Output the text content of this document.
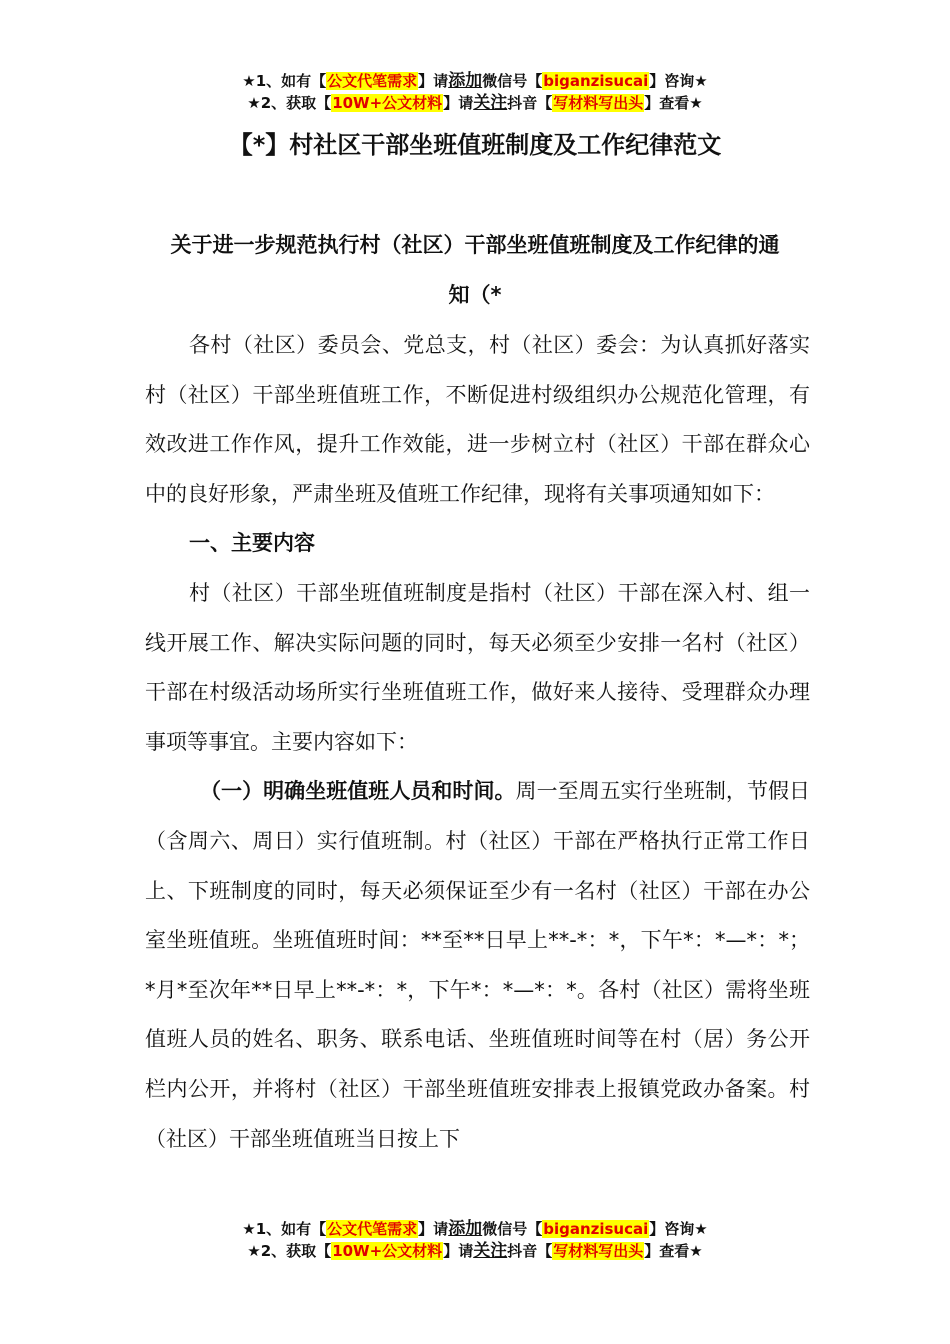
★1、如有【公文代笔需求】请添加微信号【biganzisucai】咨询★
★2、获取【10W+公文材料】请关注抖音【写材料写出头】查看★
【*】村社区干部坐班值班制度及工作纪律范文
关于进一步规范执行村（社区）干部坐班值班制度及工作纪律的通
知（*

各村（社区）委员会、党总支，村（社区）委会：为认真抓好落实村（社区）干部坐班值班工作，不断促进村级组织办公规范化管理，有效改进工作作风，提升工作效能，进一步树立村（社区）干部在群众心中的良好形象，严肃坐班及值班工作纪律，现将有关事项通知如下：

一、主要内容

村（社区）干部坐班值班制度是指村（社区）干部在深入村、组一线开展工作、解决实际问题的同时，每天必须至少安排一名村（社区）干部在村级活动场所实行坐班值班工作，做好来人接待、受理群众办理事项等事宜。主要内容如下：

（一）明确坐班值班人员和时间。周一至周五实行坐班制，节假日（含周六、周日）实行值班制。村（社区）干部在严格执行正常工作日上、下班制度的同时，每天必须保证至少有一名村（社区）干部在办公室坐班值班。坐班值班时间：**至**日早上**-*：*，下午*：*—*：*；*月*至次年**日早上**-*：*，下午*：*—*：*。各村（社区）需将坐班值班人员的姓名、职务、联系电话、坐班值班时间等在村（居）务公开栏内公开，并将村（社区）干部坐班值班安排表上报镇党政办备案。村（社区）干部坐班值班当日按上下

★1、如有【公文代笔需求】请添加微信号【biganzisucai】咨询★
★2、获取【10W+公文材料】请关注抖音【写材料写出头】查看★
